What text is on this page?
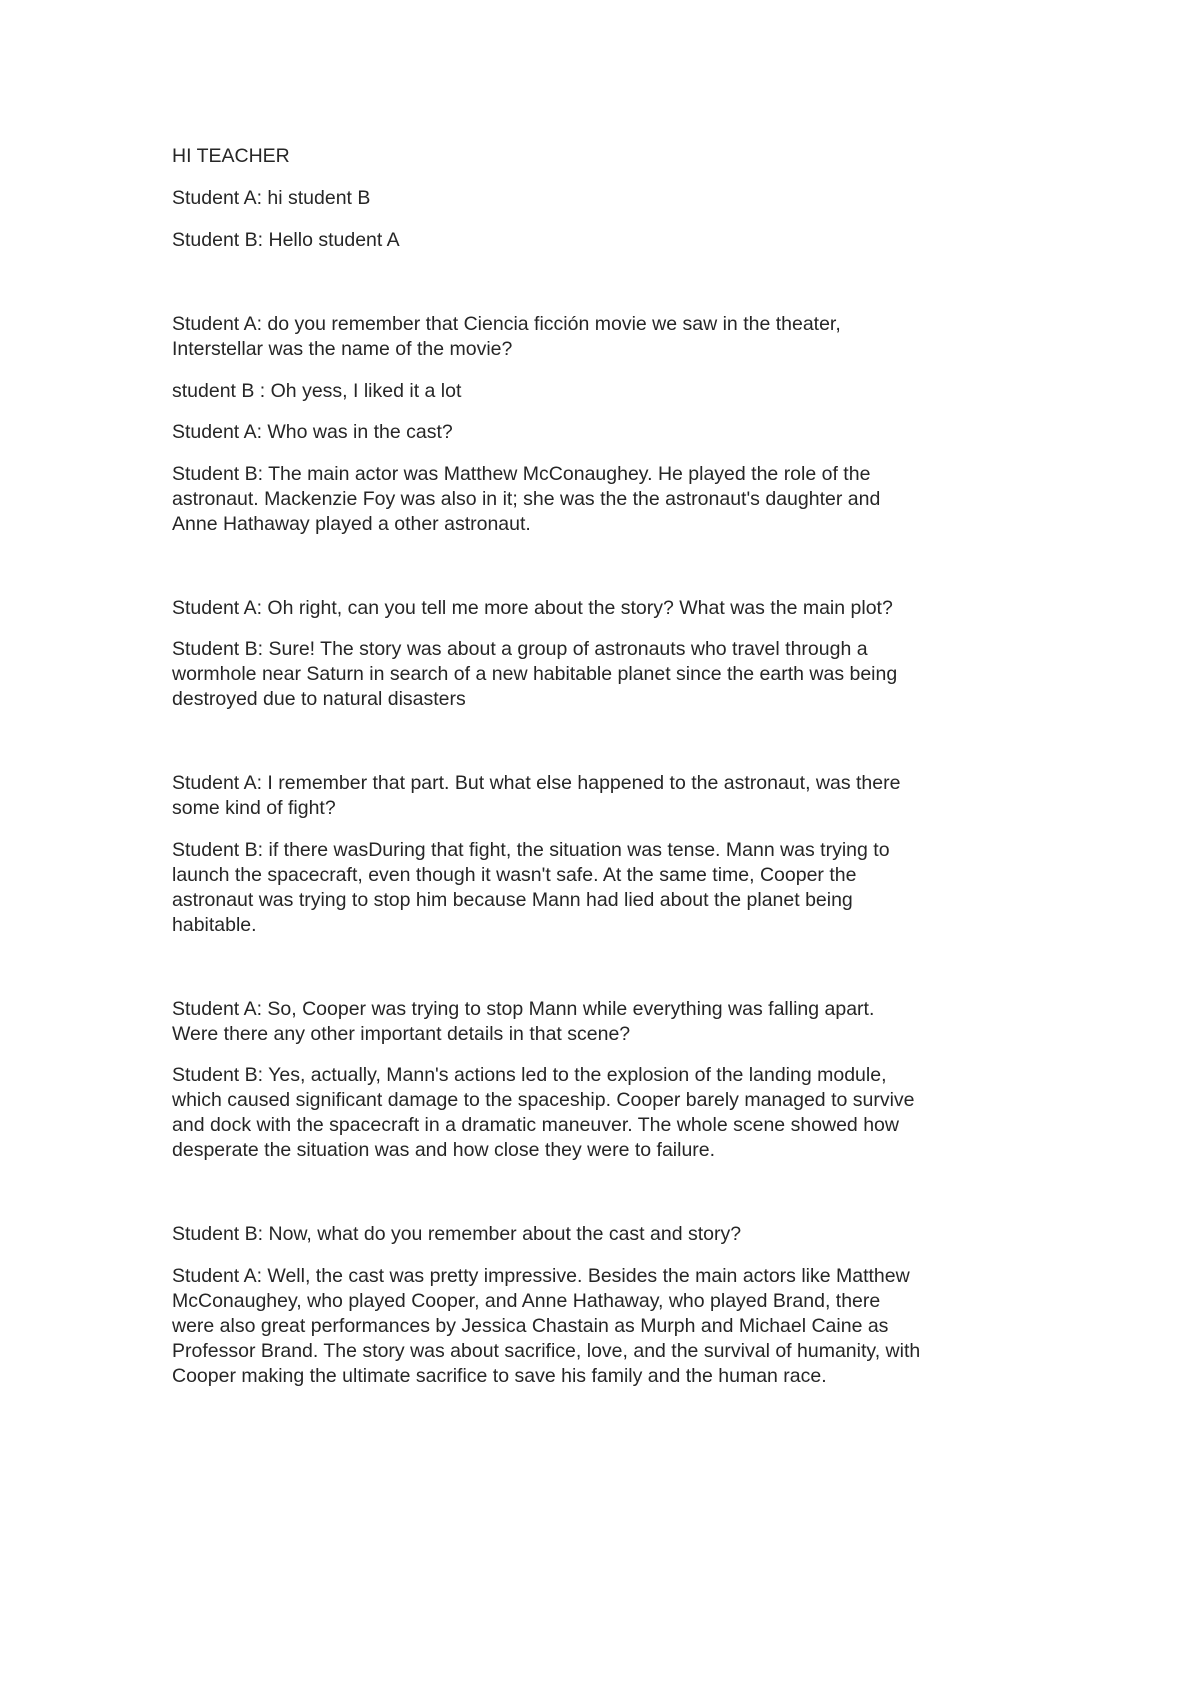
HI TEACHER
Student A: hi student B
Student B: Hello student A
Student A: do you remember that Ciencia ficción movie we saw in the theater,
Interstellar was the name of the movie?
student B : Oh yess, I liked it a lot
Student A: Who was in the cast?
Student B: The main actor was Matthew McConaughey. He played the role of the
astronaut. Mackenzie Foy was also in it; she was the the astronaut's daughter and
Anne Hathaway played a other astronaut.
Student A: Oh right, can you tell me more about the story? What was the main plot?
Student B: Sure! The story was about a group of astronauts who travel through a
wormhole near Saturn in search of a new habitable planet since the earth was being
destroyed due to natural disasters
Student A: I remember that part. But what else happened to the astronaut, was there
some kind of fight?
Student B: if there wasDuring that fight, the situation was tense. Mann was trying to
launch the spacecraft, even though it wasn't safe. At the same time, Cooper the
astronaut was trying to stop him because Mann had lied about the planet being
habitable.
Student A: So, Cooper was trying to stop Mann while everything was falling apart.
Were there any other important details in that scene?
Student B: Yes, actually, Mann's actions led to the explosion of the landing module,
which caused significant damage to the spaceship. Cooper barely managed to survive
and dock with the spacecraft in a dramatic maneuver. The whole scene showed how
desperate the situation was and how close they were to failure.
Student B: Now, what do you remember about the cast and story?
Student A: Well, the cast was pretty impressive. Besides the main actors like Matthew
McConaughey, who played Cooper, and Anne Hathaway, who played Brand, there
were also great performances by Jessica Chastain as Murph and Michael Caine as
Professor Brand. The story was about sacrifice, love, and the survival of humanity, with
Cooper making the ultimate sacrifice to save his family and the human race.
